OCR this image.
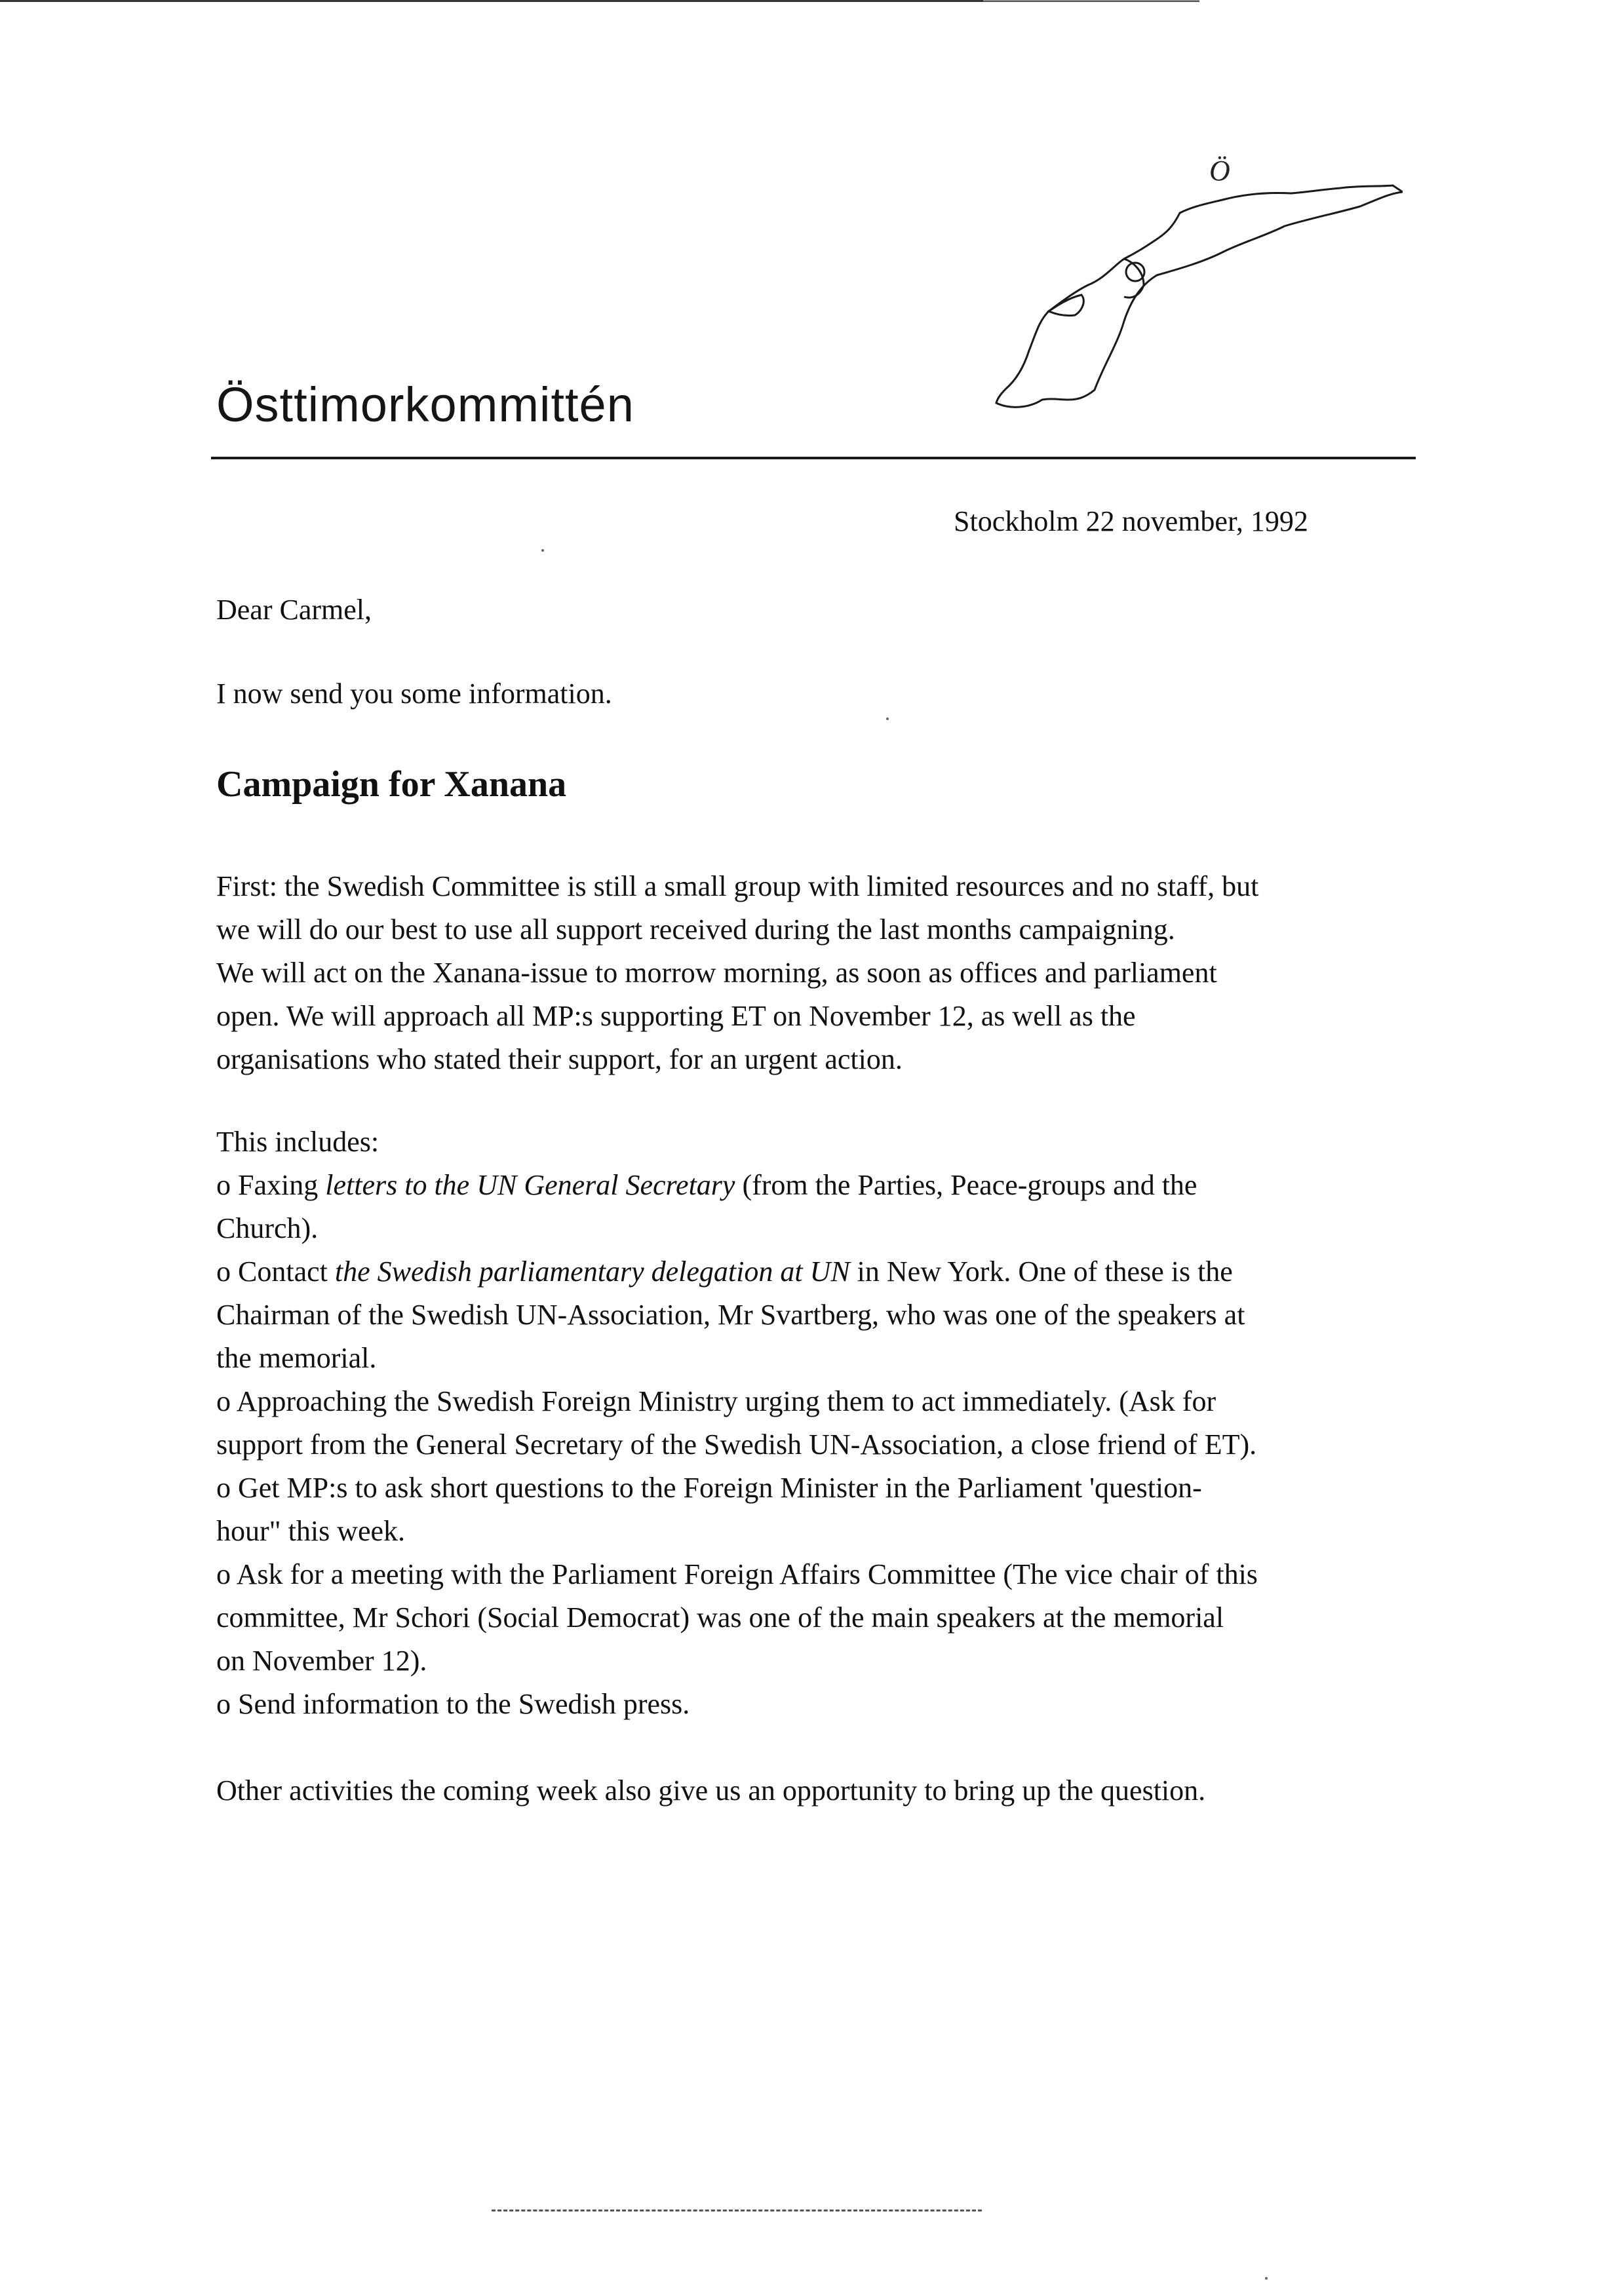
Östtimorkommittén
Ö
Stockholm 22 november, 1992
Dear Carmel,
I now send you some information.
Campaign for Xanana

First: the Swedish Committee is still a small group with limited resources and no staff, but

we will do our best to use all support received during the last months campaigning.

We will act on the Xanana-issue to morrow morning, as soon as offices and parliament

open. We will approach all MP:s supporting ET on November 12, as well as the

organisations who stated their support, for an urgent action.

This includes:

o Faxing letters to the UN General Secretary (from the Parties, Peace-groups and the

Church).

o Contact the Swedish parliamentary delegation at UN in New York. One of these is the

Chairman of the Swedish UN-Association, Mr Svartberg, who was one of the speakers at

the memorial.

o Approaching the Swedish Foreign Ministry urging them to act immediately. (Ask for

support from the General Secretary of the Swedish UN-Association, a close friend of ET).

o Get MP:s to ask short questions to the Foreign Minister in the Parliament 'question-

hour" this week.

o Ask for a meeting with the Parliament Foreign Affairs Committee (The vice chair of this

committee, Mr Schori (Social Democrat) was one of the main speakers at the memorial

on November 12).

o Send information to the Swedish press.

Other activities the coming week also give us an opportunity to bring up the question.
